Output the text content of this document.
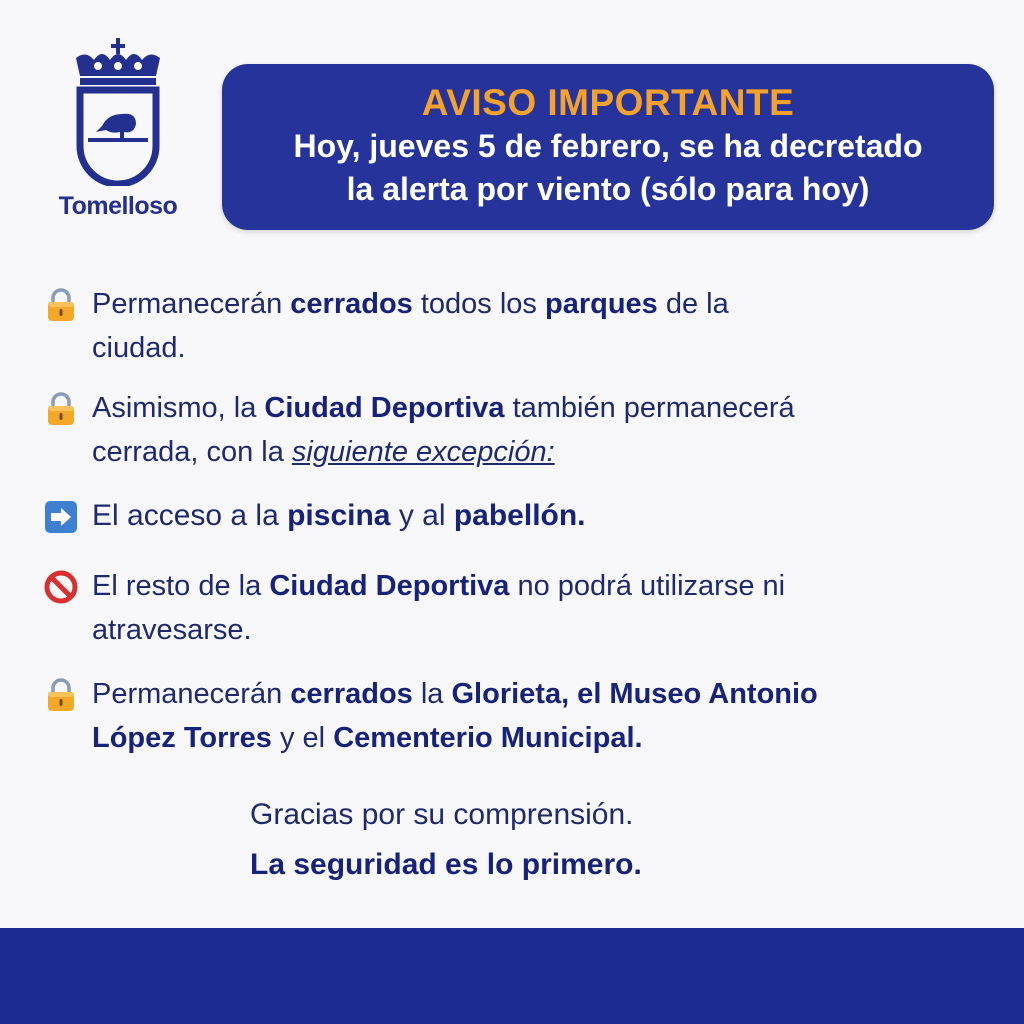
Tomelloso
AVISO IMPORTANTE
Hoy, jueves 5 de febrero, se ha decretado
la alerta por viento (sólo para hoy)
Permanecerán cerrados todos los parques de la
ciudad.
Asimismo, la Ciudad Deportiva también permanecerá
cerrada, con la siguiente excepción:
El acceso a la piscina y al pabellón.
El resto de la Ciudad Deportiva no podrá utilizarse ni
atravesarse.
Permanecerán cerrados la Glorieta, el Museo Antonio
López Torres y el Cementerio Municipal.
Gracias por su comprensión.
La seguridad es lo primero.
